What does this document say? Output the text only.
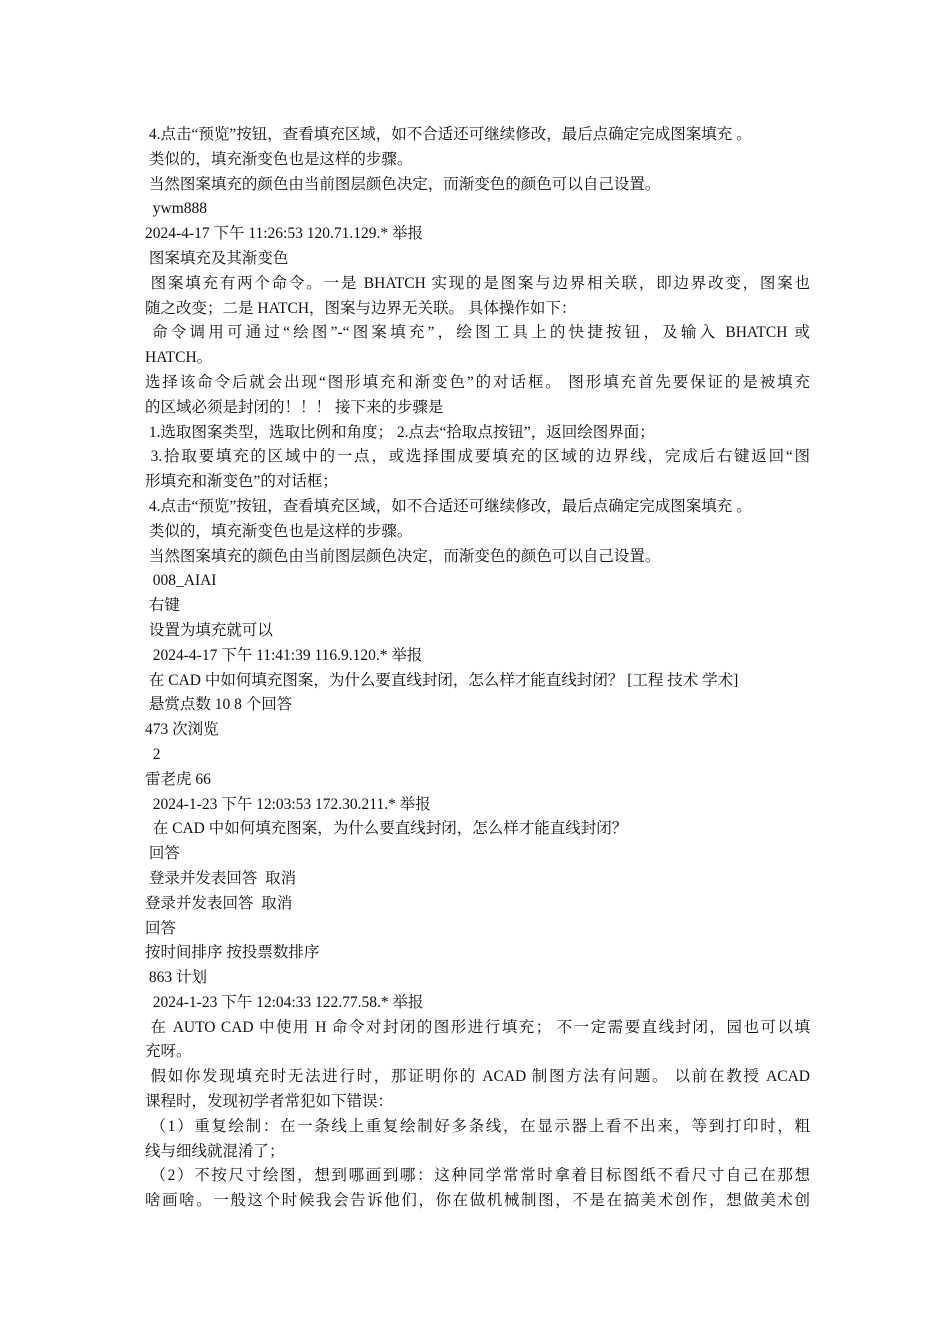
4.点击“预览”按钮，查看填充区域，如不合适还可继续修改，最后点确定完成图案填充 。

类似的，填充渐变色也是这样的步骤。

当然图案填充的颜色由当前图层颜色决定，而渐变色的颜色可以自己设置。

ywm888

2024-4-17 下午 11:26:53 120.71.129.* 举报

图案填充及其渐变色

图案填充有两个命令。一是 BHATCH 实现的是图案与边界相关联，即边界改变，图案也

随之改变；二是 HATCH，图案与边界无关联。 具体操作如下：

命令调用可通过“绘图”-“图案填充”，绘图工具上的快捷按钮，及输入 BHATCH 或

HATCH。

选择该命令后就会出现“图形填充和渐变色”的对话框。 图形填充首先要保证的是被填充

的区域必须是封闭的！！！ 接下来的步骤是

1.选取图案类型，选取比例和角度； 2.点去“拾取点按钮”，返回绘图界面；

3.拾取要填充的区域中的一点，或选择围成要填充的区域的边界线，完成后右键返回“图

形填充和渐变色”的对话框；

4.点击“预览”按钮，查看填充区域，如不合适还可继续修改，最后点确定完成图案填充 。

类似的，填充渐变色也是这样的步骤。

当然图案填充的颜色由当前图层颜色决定，而渐变色的颜色可以自己设置。

008_AIAI

右键

设置为填充就可以

2024-4-17 下午 11:41:39 116.9.120.* 举报

在 CAD 中如何填充图案，为什么要直线封闭，怎么样才能直线封闭？ [工程 技术 学术]

悬赏点数 10 8 个回答

473 次浏览

2

雷老虎 66

2024-1-23 下午 12:03:53 172.30.211.* 举报

在 CAD 中如何填充图案，为什么要直线封闭，怎么样才能直线封闭？

回答

登录并发表回答  取消

登录并发表回答  取消

回答

按时间排序 按投票数排序

863 计划

2024-1-23 下午 12:04:33 122.77.58.* 举报

在 AUTO CAD 中使用 H 命令对封闭的图形进行填充； 不一定需要直线封闭，园也可以填

充呀。

假如你发现填充时无法进行时，那证明你的 ACAD 制图方法有问题。 以前在教授 ACAD

课程时，发现初学者常犯如下错误：

（1）重复绘制：在一条线上重复绘制好多条线，在显示器上看不出来，等到打印时，粗

线与细线就混淆了；

（2）不按尺寸绘图，想到哪画到哪：这种同学常常时拿着目标图纸不看尺寸自己在那想

啥画啥。一般这个时候我会告诉他们，你在做机械制图，不是在搞美术创作，想做美术创
